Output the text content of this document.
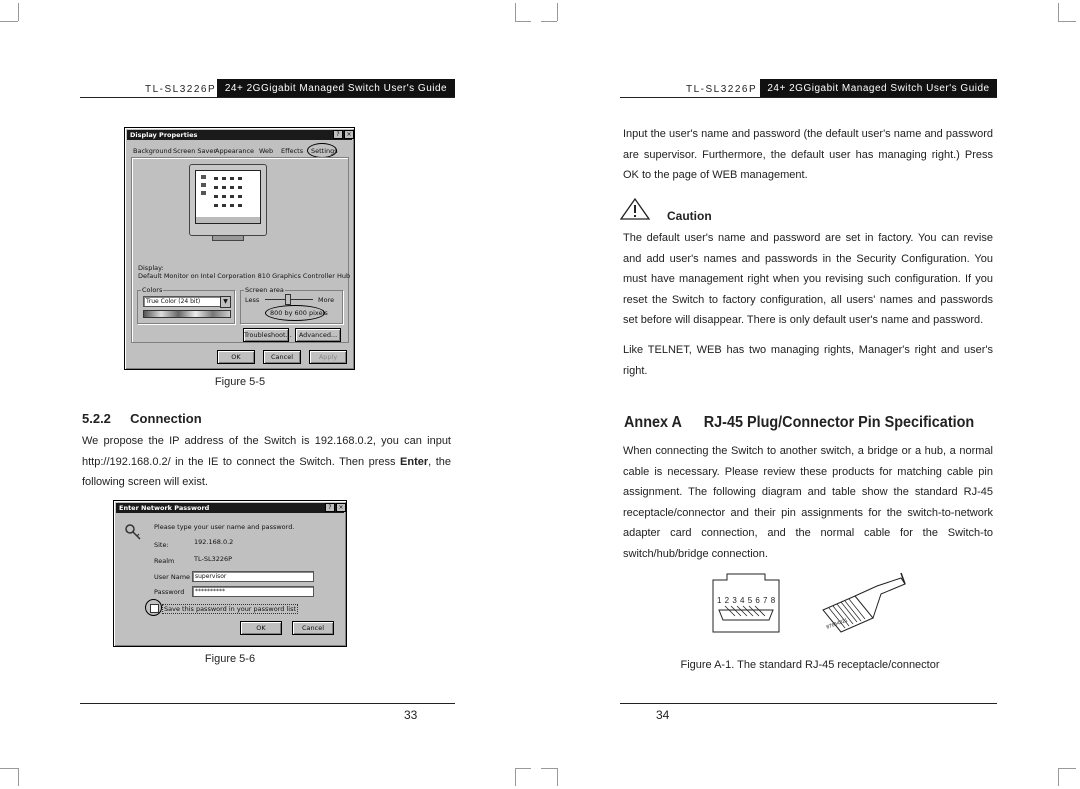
TL-SL3226P 24+ 2GGigabit Managed Switch User's Guide
Display Properties	?	×
Background Screen Saver
Appearance Web Effects Settings
Display:
Default Monitor on Intel Corporation 810 Graphics Controller Hub
Colors
True Color (24 bit)	▼
Screen area
Less	More
800 by 600 pixels
Troubleshoot...	Advanced...
OK	Cancel	Apply
Figure 5-5
5.2.2 Connection
We propose the IP address of the Switch is 192.168.0.2, you can input http://192.168.0.2/ in the IE to connect the Switch. Then press Enter, the following screen will exist.
Enter Network Password	?	×
Please type your user name and password.
Site:	192.168.0.2
Realm	TL-SL3226P
User Name supervisor
Password	**********
Save this password in your password list
OK	Cancel
Figure 5-6
33
TL-SL3226P	24+ 2GGigabit Managed Switch User's Guide
Input the user's name and password (the default user's name and password are supervisor. Furthermore, the default user has managing right.) Press OK to the page of WEB management.
Caution
The default user's name and password are set in factory. You can revise and add user's names and passwords in the Security Configuration. You must have management right when you revising such configuration. If you reset the Switch to factory configuration, all users' names and passwords set before will disappear. There is only default user's name and password.
Like TELNET, WEB has two managing rights, Manager's right and user's right.
Annex A RJ-45 Plug/Connector Pin Specification
When connecting the Switch to another switch, a bridge or a hub, a normal cable is necessary. Please review these products for matching cable pin assignment. The following diagram and table show the standard RJ-45 receptacle/connector and their pin assignments for the switch-to-network adapter card connection, and the normal cable for the Switch-to switch/hub/bridge connection.
1 2 3 4 5 6 7 8
87654321
Figure A-1. The standard RJ-45 receptacle/connector
34
